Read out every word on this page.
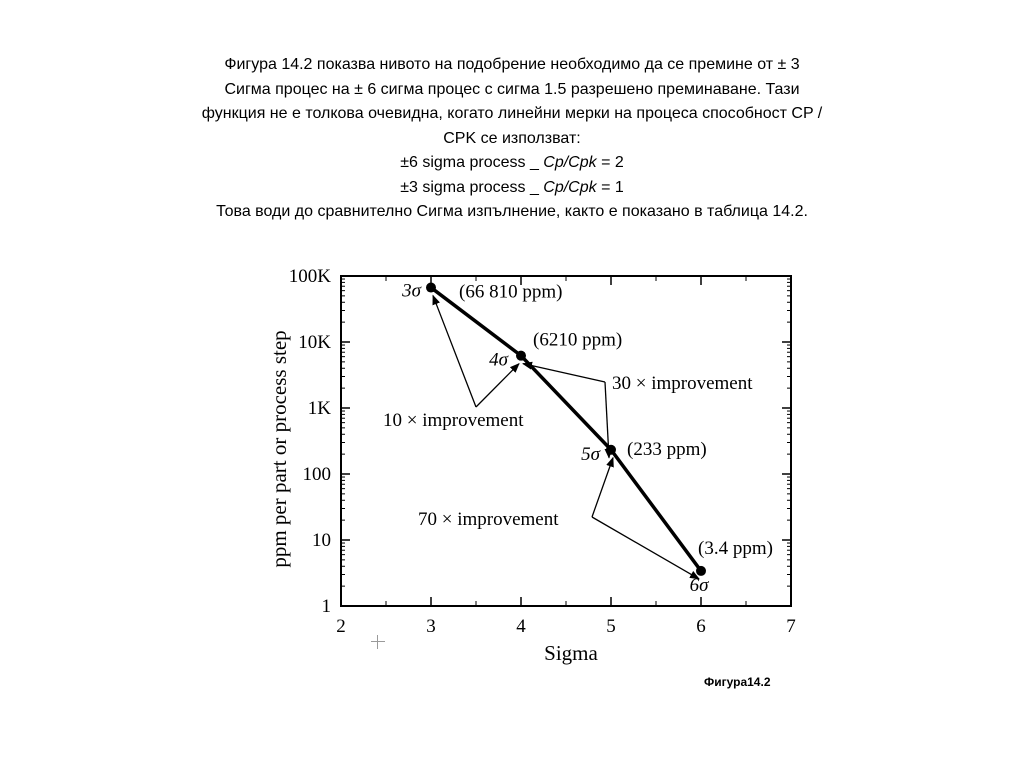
Фигура 14.2 показва нивото на подобрение необходимо да се премине от ± 3
Сигма процес на ± 6 сигма процес с сигма 1.5 разрешено преминаване. Тази
функция не е толкова очевидна, когато линейни мерки на процеса способност CP /
CPK се използват:
±6 sigma process _ Cp/Cpk = 2
±3 sigma process _ Cp/Cpk = 1
Това води до сравнително Сигма изпълнение, както е показано в таблица 14.2.
2	3	4	5	6	7
100K
10K
1K
100
10
1
Sigma
ppm per part or process step
3σ (66 810 ppm)
4σ
(6210 ppm)
5σ (233 ppm)
6σ
(3.4 ppm)
10 × improvement
30 × improvement
70 × improvement
Фигура14.2
